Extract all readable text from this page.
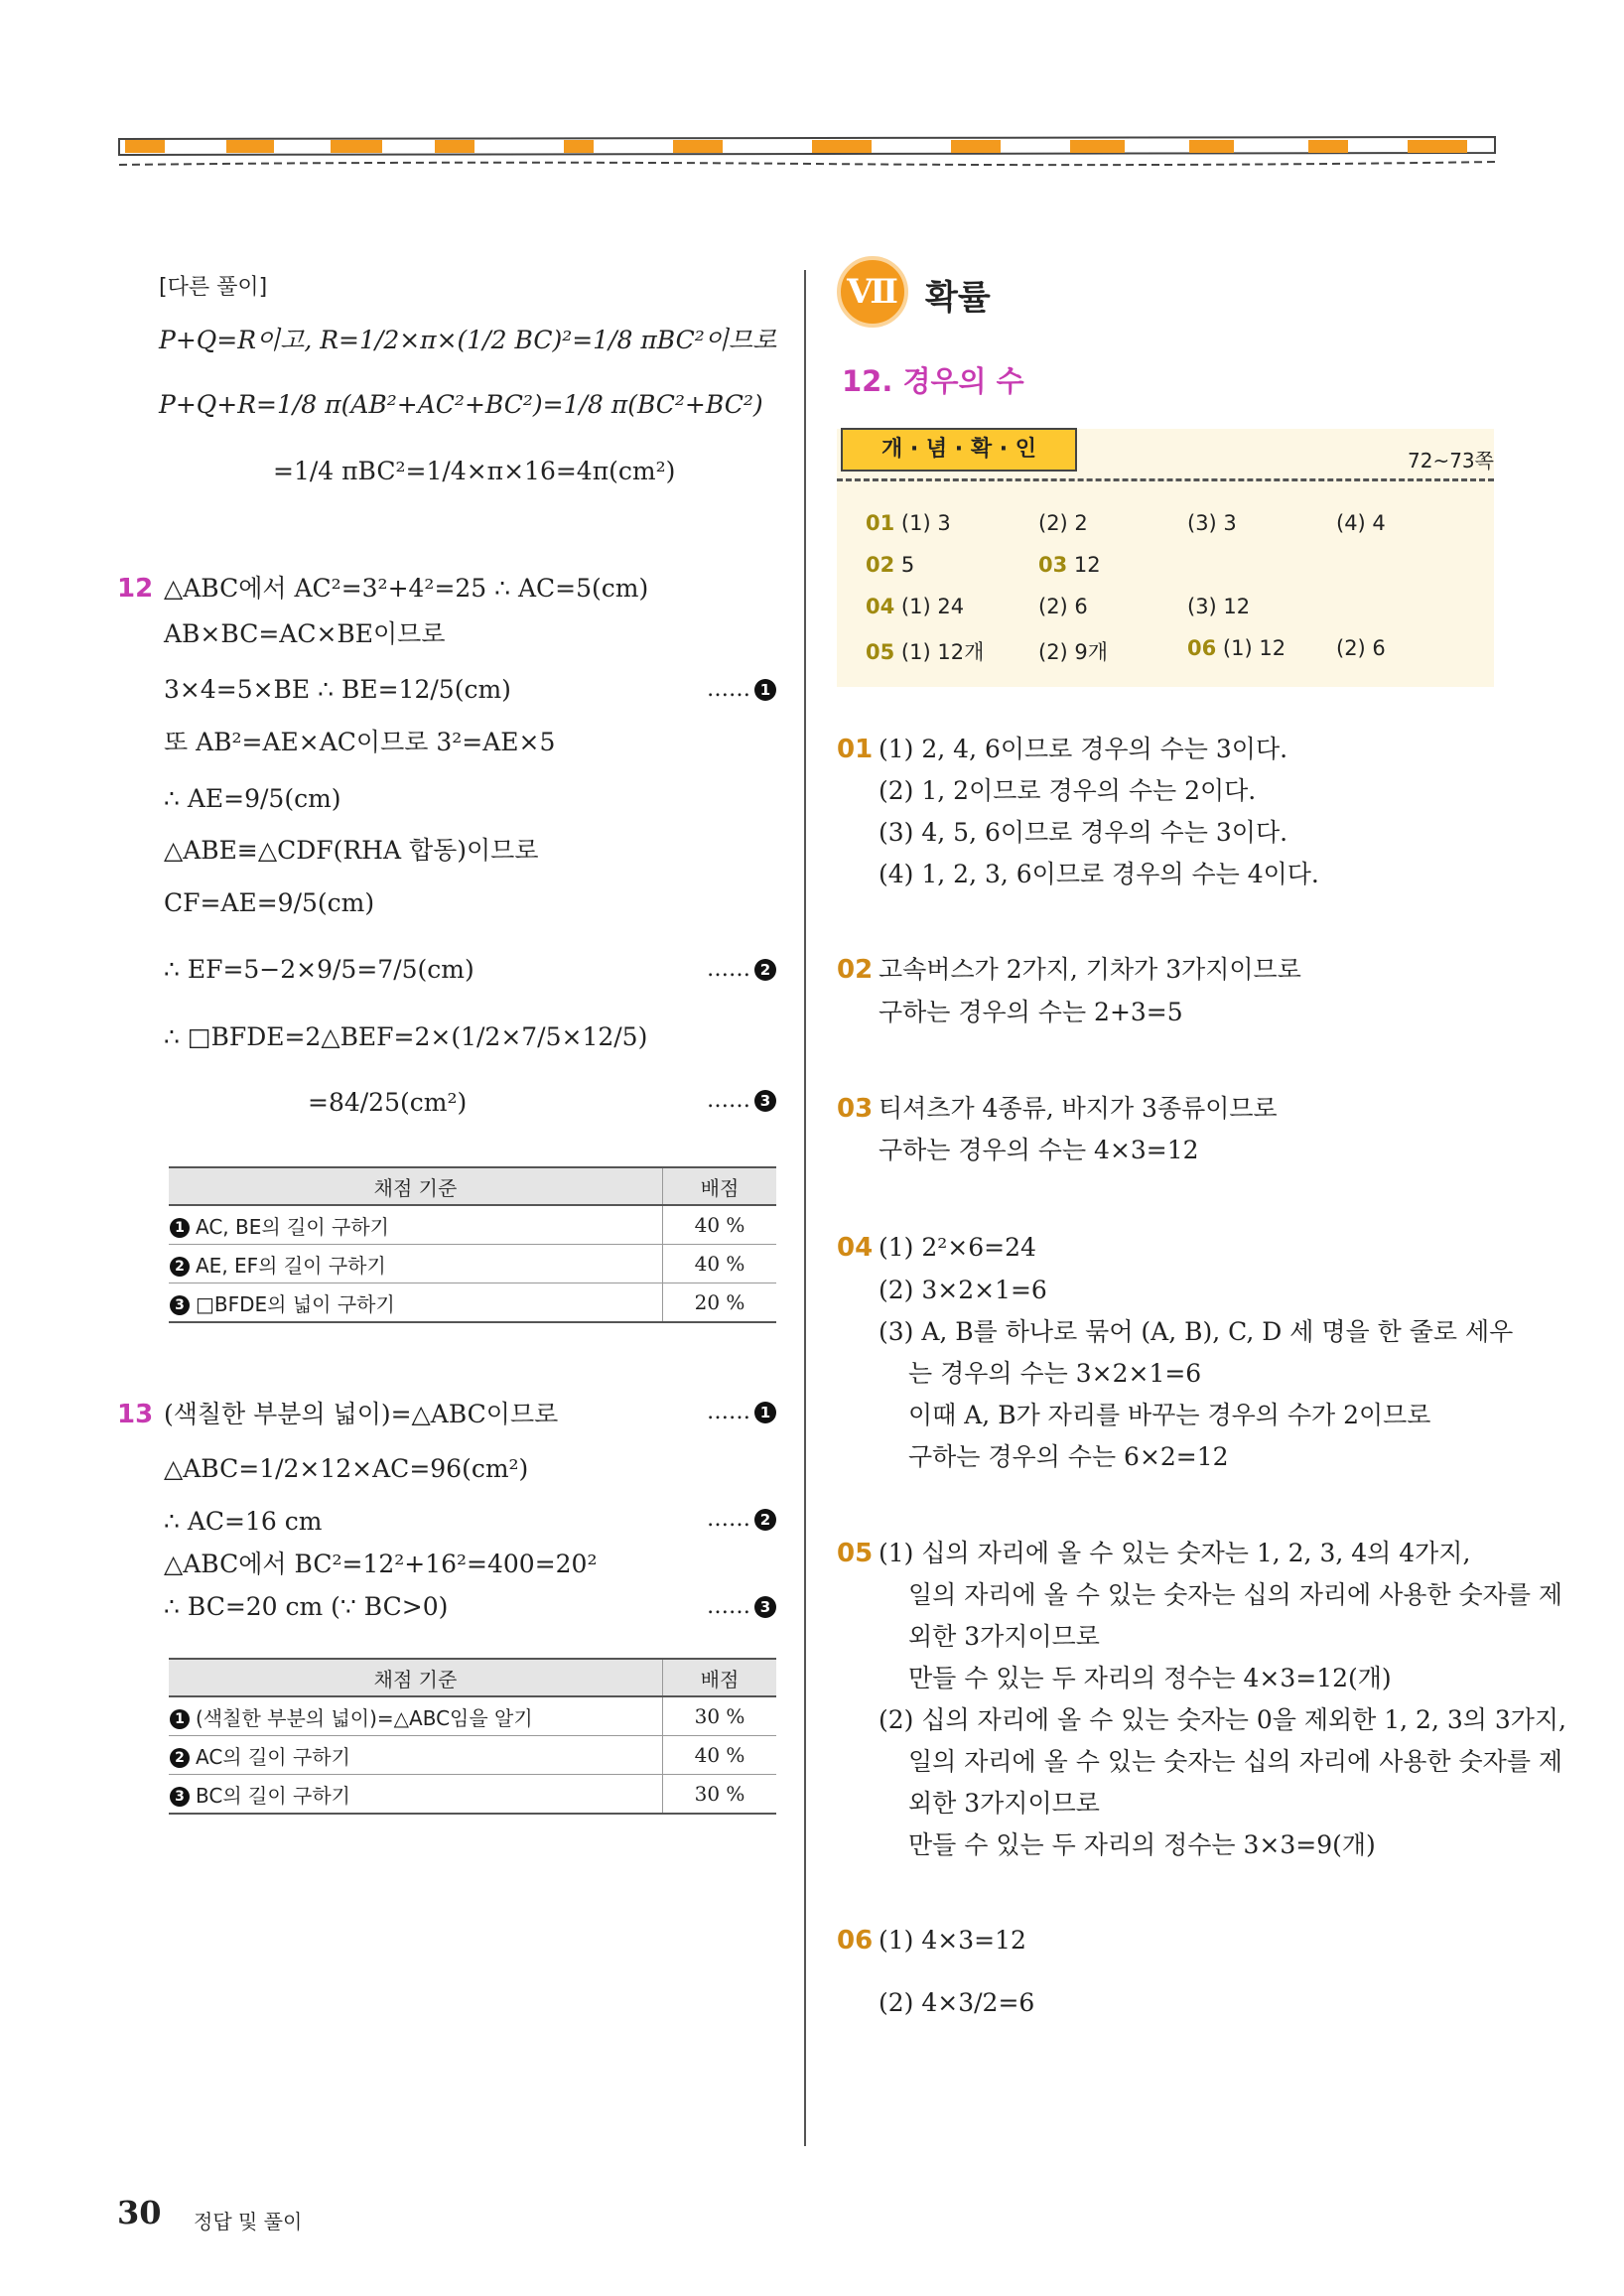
[다른 풀이]
P+Q=R이고, R=1/2×π×(1/2 BC)²=1/8 πBC²이므로
P+Q+R=1/8 π(AB²+AC²+BC²)=1/8 π(BC²+BC²)
=1/4 πBC²=1/4×π×16=4π(cm²)
12 △ABC에서 AC²=3²+4²=25 ∴ AC=5(cm)
AB×BC=AC×BE이므로
3×4=5×BE ∴ BE=12/5(cm)
또 AB²=AE×AC이므로 3²=AE×5
∴ AE=9/5(cm)
△ABE≡△CDF(RHA 합동)이므로
CF=AE=9/5(cm)
∴ EF=5−2×9/5=7/5(cm)
∴ □BFDE=2△BEF=2×(1/2×7/5×12/5)
=84/25(cm²)
…… 1
…… 2
…… 3
채점 기준	배점
1 AC, BE의 길이 구하기	40 %
2 AE, EF의 길이 구하기	40 %
3 □BFDE의 넓이 구하기	20 %
13 (색칠한 부분의 넓이)=△ABC이므로
△ABC=1/2×12×AC=96(cm²)
∴ AC=16 cm
△ABC에서 BC²=12²+16²=400=20²
∴ BC=20 cm (∵ BC>0)
…… 1
…… 2
…… 3
채점 기준	배점
1 (색칠한 부분의 넓이)=△ABC임을 알기	30 %
2 AC의 길이 구하기	40 %
3 BC의 길이 구하기	30 %
Ⅶ 확률
12. 경우의 수
개 · 념 · 확 · 인	72~73쪽
01 (1) 3	(2) 2	(3) 3	(4) 4
02 5	03 12
04 (1) 24	(2) 6	(3) 12
05 (1) 12개	(2) 9개	06 (1) 12 (2) 6
01 (1) 2, 4, 6이므로 경우의 수는 3이다.
(2) 1, 2이므로 경우의 수는 2이다.
(3) 4, 5, 6이므로 경우의 수는 3이다.
(4) 1, 2, 3, 6이므로 경우의 수는 4이다.
02 고속버스가 2가지, 기차가 3가지이므로
구하는 경우의 수는 2+3=5
03 티셔츠가 4종류, 바지가 3종류이므로
구하는 경우의 수는 4×3=12
04 (1) 2²×6=24
(2) 3×2×1=6
(3) A, B를 하나로 묶어 (A, B), C, D 세 명을 한 줄로 세우
는 경우의 수는 3×2×1=6
이때 A, B가 자리를 바꾸는 경우의 수가 2이므로
구하는 경우의 수는 6×2=12
05 (1) 십의 자리에 올 수 있는 숫자는 1, 2, 3, 4의 4가지,
일의 자리에 올 수 있는 숫자는 십의 자리에 사용한 숫자를 제
외한 3가지이므로
만들 수 있는 두 자리의 정수는 4×3=12(개)
(2) 십의 자리에 올 수 있는 숫자는 0을 제외한 1, 2, 3의 3가지,
일의 자리에 올 수 있는 숫자는 십의 자리에 사용한 숫자를 제
외한 3가지이므로
만들 수 있는 두 자리의 정수는 3×3=9(개)
06 (1) 4×3=12
(2) 4×3/2=6
30 정답 및 풀이
